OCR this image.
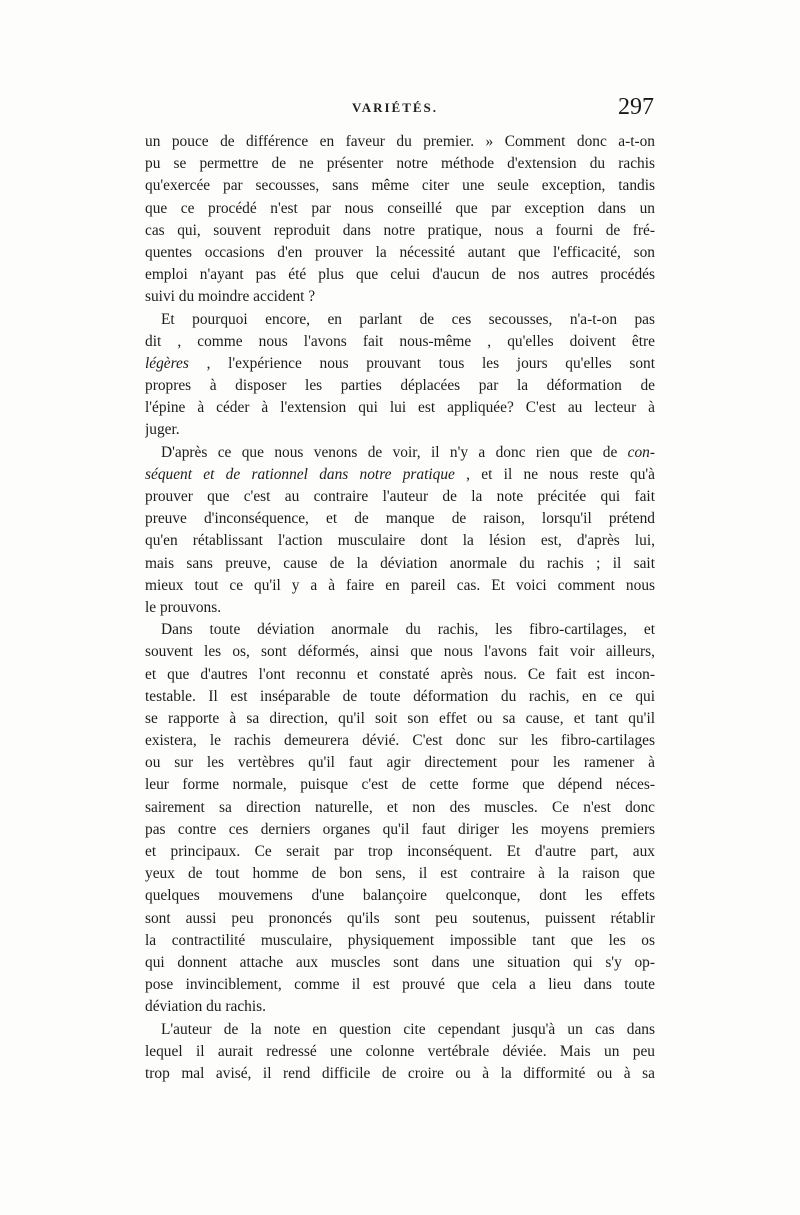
VARIÉTÉS.	297
un pouce de différence en faveur du premier. » Comment donc a-t-on
pu se permettre de ne présenter notre méthode d'extension du rachis
qu'exercée par secousses, sans même citer une seule exception, tandis
que ce procédé n'est par nous conseillé que par exception dans un
cas qui, souvent reproduit dans notre pratique, nous a fourni de fré-
quentes occasions d'en prouver la nécessité autant que l'efficacité, son
emploi n'ayant pas été plus que celui d'aucun de nos autres procédés
suivi du moindre accident ?
Et pourquoi encore, en parlant de ces secousses, n'a-t-on pas
dit , comme nous l'avons fait nous-même , qu'elles doivent être
légères , l'expérience nous prouvant tous les jours qu'elles sont
propres à disposer les parties déplacées par la déformation de
l'épine à céder à l'extension qui lui est appliquée? C'est au lecteur à
juger.
D'après ce que nous venons de voir, il n'y a donc rien que de con-
séquent et de rationnel dans notre pratique , et il ne nous reste qu'à
prouver que c'est au contraire l'auteur de la note précitée qui fait
preuve d'inconséquence, et de manque de raison, lorsqu'il prétend
qu'en rétablissant l'action musculaire dont la lésion est, d'après lui,
mais sans preuve, cause de la déviation anormale du rachis ; il sait
mieux tout ce qu'il y a à faire en pareil cas. Et voici comment nous
le prouvons.
Dans toute déviation anormale du rachis, les fibro-cartilages, et
souvent les os, sont déformés, ainsi que nous l'avons fait voir ailleurs,
et que d'autres l'ont reconnu et constaté après nous. Ce fait est incon-
testable. Il est inséparable de toute déformation du rachis, en ce qui
se rapporte à sa direction, qu'il soit son effet ou sa cause, et tant qu'il
existera, le rachis demeurera dévié. C'est donc sur les fibro-cartilages
ou sur les vertèbres qu'il faut agir directement pour les ramener à
leur forme normale, puisque c'est de cette forme que dépend néces-
sairement sa direction naturelle, et non des muscles. Ce n'est donc
pas contre ces derniers organes qu'il faut diriger les moyens premiers
et principaux. Ce serait par trop inconséquent. Et d'autre part, aux
yeux de tout homme de bon sens, il est contraire à la raison que
quelques mouvemens d'une balançoire quelconque, dont les effets
sont aussi peu prononcés qu'ils sont peu soutenus, puissent rétablir
la contractilité musculaire, physiquement impossible tant que les os
qui donnent attache aux muscles sont dans une situation qui s'y op-
pose invinciblement, comme il est prouvé que cela a lieu dans toute
déviation du rachis.
L'auteur de la note en question cite cependant jusqu'à un cas dans
lequel il aurait redressé une colonne vertébrale déviée. Mais un peu
trop mal avisé, il rend difficile de croire ou à la difformité ou à sa
